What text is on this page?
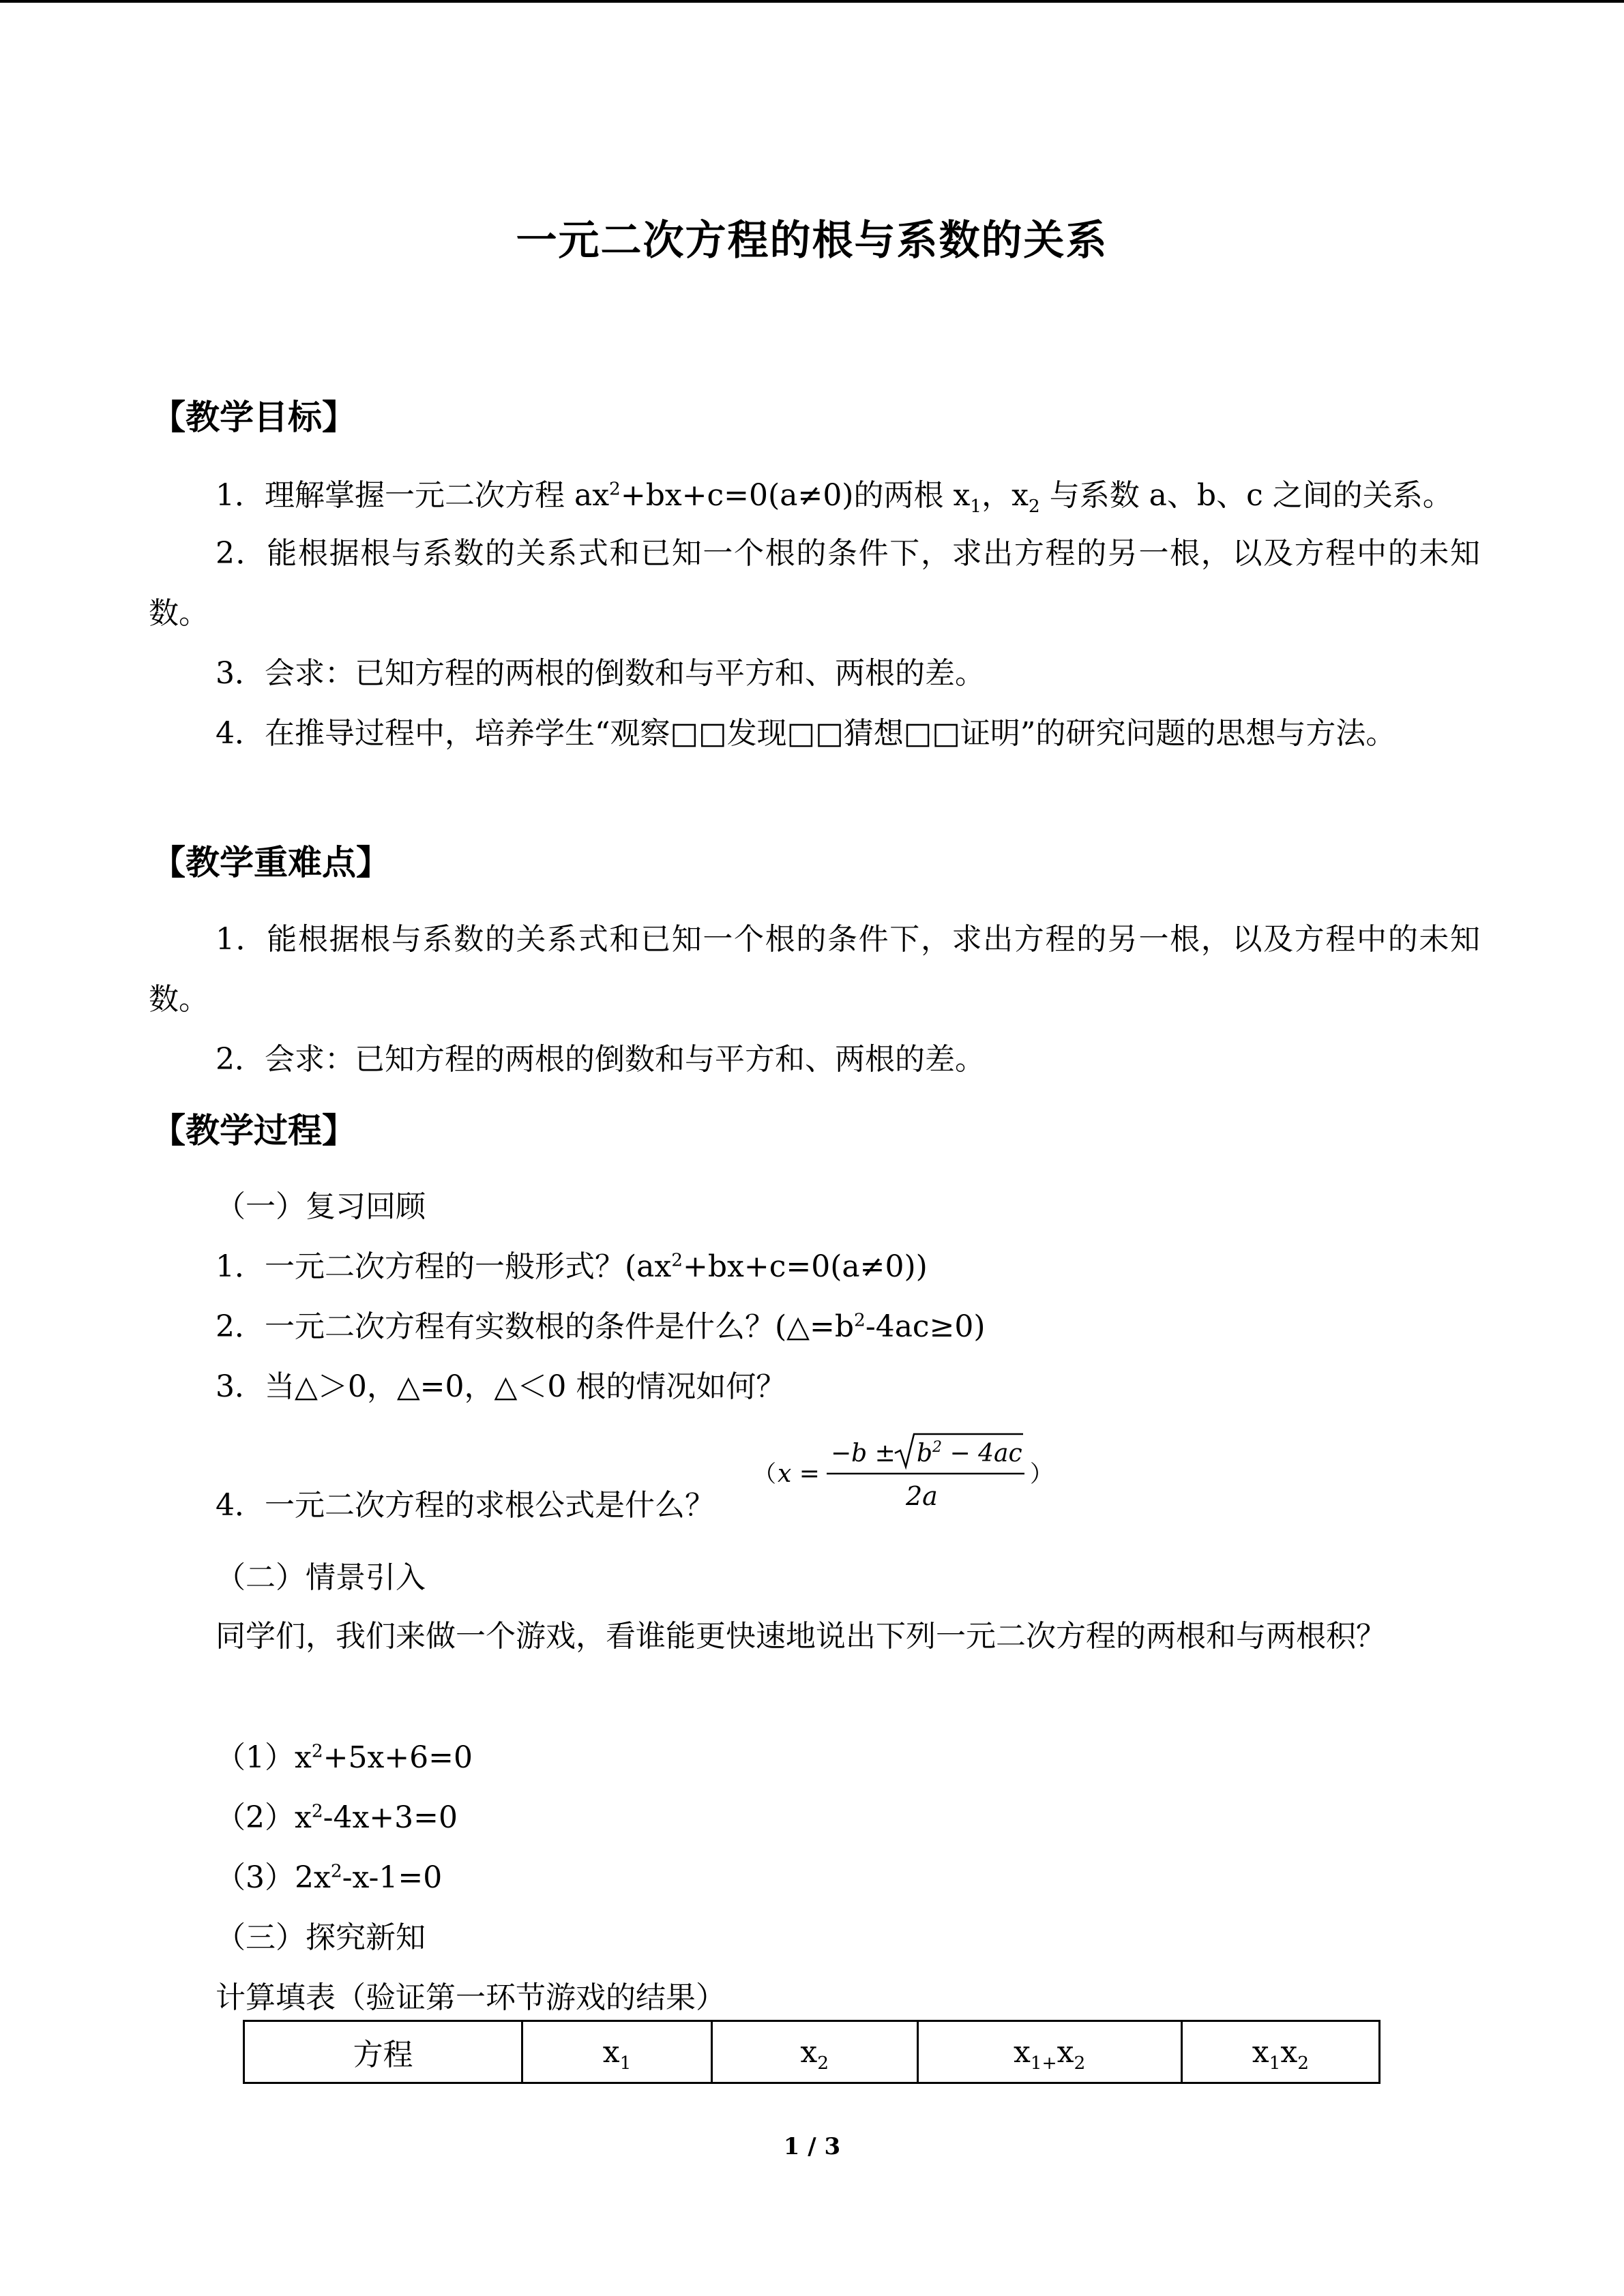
一元二次方程的根与系数的关系
【教学目标】
1．理解掌握一元二次方程 $ax^2+bx+c=0(a\ne 0)$的两根 $x_1$，$x_2$ 与系数 a、b、c 之间的关系。
2．能根据根与系数的关系式和已知一个根的条件下，求出方程的另一根，以及方程中的未知数。
3．会求：已知方程的两根的倒数和与平方和、两根的差。
4．在推导过程中，培养学生“观察□□发现□□猜想□□证明”的研究问题的思想与方法。
【教学重难点】
1．能根据根与系数的关系式和已知一个根的条件下，求出方程的另一根，以及方程中的未知数。
2．会求：已知方程的两根的倒数和与平方和、两根的差。
【教学过程】
（一）复习回顾
1．一元二次方程的一般形式？$(ax^2+bx+c=0(a\ne 0))$
2．一元二次方程有实数根的条件是什么？$(\triangle=b^2-4ac\ge 0)$
3．当△＞0，△=0，△＜0 根的情况如何？
4．一元二次方程的求根公式是什么？
（ x =
$-b \pm b^2 - 4ac$
2a
）
（二）情景引入
同学们，我们来做一个游戏，看谁能更快速地说出下列一元二次方程的两根和与两根积？
$(1)x^2+5x+6=0$
$(2)x^2-4x+3=0$
$(3)2x^2-x-1=0$
（三）探究新知
计算填表（验证第一环节游戏的结果）
方程	$x_1$	$x_2$	$x_{1+}x_2$	$x_1x_2$
1 / 3
